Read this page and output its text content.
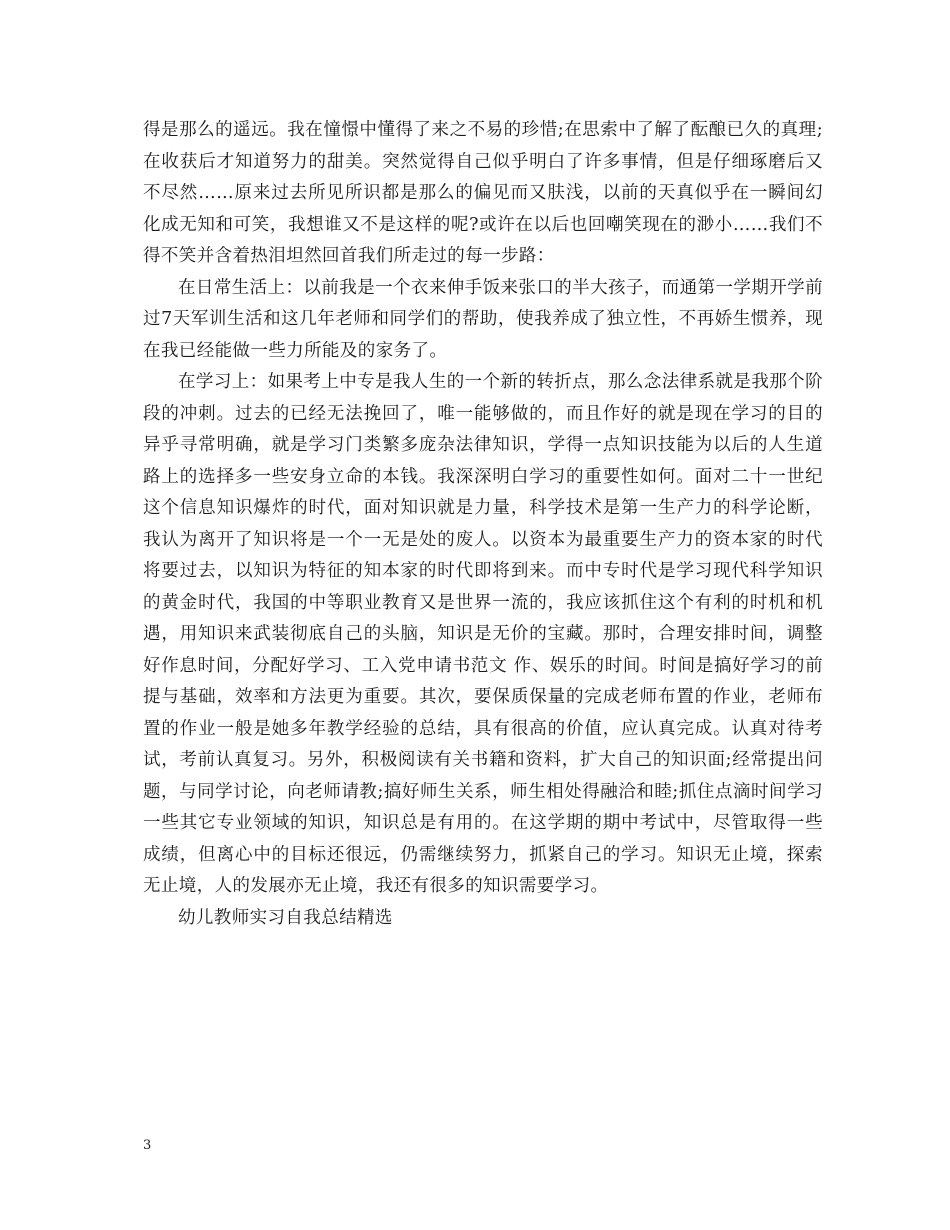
得是那么的遥远。我在憧憬中懂得了来之不易的珍惜;在思索中了解了酝酿已久的真理;在收获后才知道努力的甜美。突然觉得自己似乎明白了许多事情，但是仔细琢磨后又不尽然……原来过去所见所识都是那么的偏见而又肤浅，以前的天真似乎在一瞬间幻化成无知和可笑，我想谁又不是这样的呢?或许在以后也回嘲笑现在的渺小……我们不得不笑并含着热泪坦然回首我们所走过的每一步路：

在日常生活上：以前我是一个衣来伸手饭来张口的半大孩子，而通第一学期开学前过7天军训生活和这几年老师和同学们的帮助，使我养成了独立性，不再娇生惯养，现在我已经能做一些力所能及的家务了。

在学习上：如果考上中专是我人生的一个新的转折点，那么念法律系就是我那个阶段的冲刺。过去的已经无法挽回了，唯一能够做的，而且作好的就是现在学习的目的异乎寻常明确，就是学习门类繁多庞杂法律知识，学得一点知识技能为以后的人生道路上的选择多一些安身立命的本钱。我深深明白学习的重要性如何。面对二十一世纪这个信息知识爆炸的时代，面对知识就是力量，科学技术是第一生产力的科学论断，我认为离开了知识将是一个一无是处的废人。以资本为最重要生产力的资本家的时代将要过去，以知识为特征的知本家的时代即将到来。而中专时代是学习现代科学知识的黄金时代，我国的中等职业教育又是世界一流的，我应该抓住这个有利的时机和机遇，用知识来武装彻底自己的头脑，知识是无价的宝藏。那时，合理安排时间，调整好作息时间，分配好学习、工入党申请书范文 作、娱乐的时间。时间是搞好学习的前提与基础，效率和方法更为重要。其次，要保质保量的完成老师布置的作业，老师布置的作业一般是她多年教学经验的总结，具有很高的价值，应认真完成。认真对待考试，考前认真复习。另外，积极阅读有关书籍和资料，扩大自己的知识面;经常提出问题，与同学讨论，向老师请教;搞好师生关系，师生相处得融洽和睦;抓住点滴时间学习一些其它专业领域的知识，知识总是有用的。在这学期的期中考试中，尽管取得一些成绩，但离心中的目标还很远，仍需继续努力，抓紧自己的学习。知识无止境，探索无止境，人的发展亦无止境，我还有很多的知识需要学习。

幼儿教师实习自我总结精选

3
